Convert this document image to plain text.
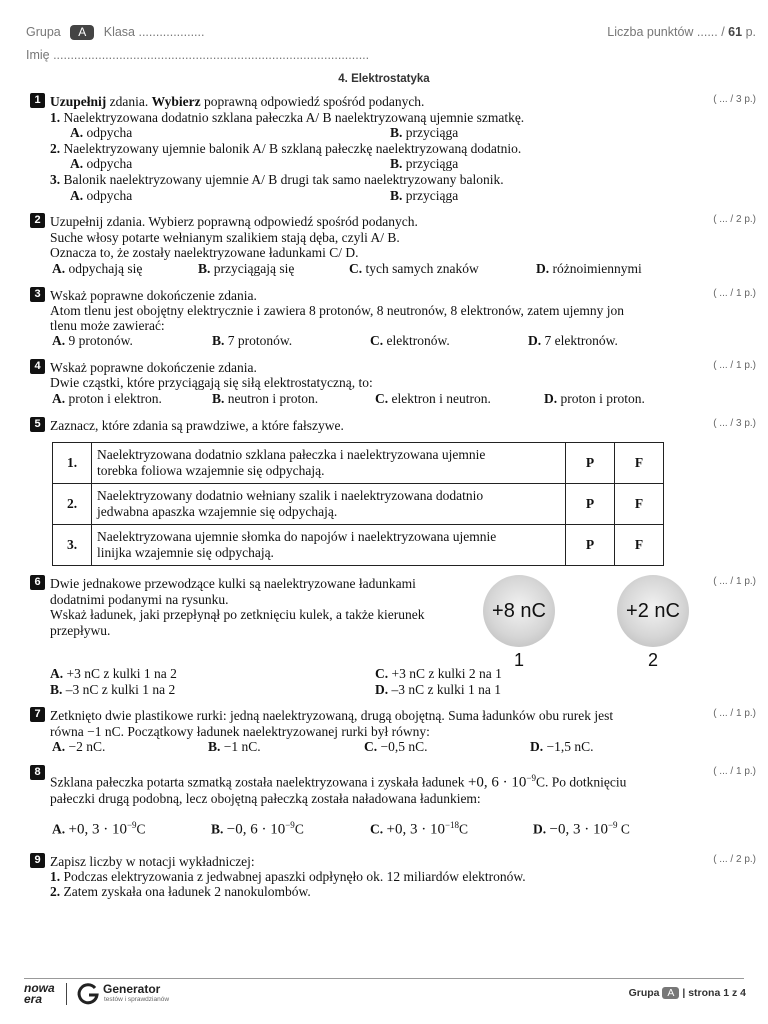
Grupa A Klasa ...................
Imię ...........................................................................................
Liczba punktów ...... / 61 p.
4. Elektrostatyka
1	( ... / 3 p.)
Uzupełnij zdania. Wybierz poprawną odpowiedź spośród podanych.
1. Naelektryzowana dodatnio szklana pałeczka A/ B naelektryzowaną ujemnie szmatkę.
A. odpycha	B. przyciąga
2. Naelektryzowany ujemnie balonik A/ B szklaną pałeczkę naelektryzowaną dodatnio.
A. odpycha	B. przyciąga
3. Balonik naelektryzowany ujemnie A/ B drugi tak samo naelektryzowany balonik.
A. odpycha	B. przyciąga
2	( ... / 2 p.)
Uzupełnij zdania. Wybierz poprawną odpowiedź spośród podanych.
Suche włosy potarte wełnianym szalikiem stają dęba, czyli A/ B.
Oznacza to, że zostały naelektryzowane ładunkami C/ D.
A. odpychają się	B. przyciągają się	C. tych samych znaków	D. różnoimiennymi
3	( ... / 1 p.)
Wskaż poprawne dokończenie zdania.
Atom tlenu jest obojętny elektrycznie i zawiera 8 protonów, 8 neutronów, 8 elektronów, zatem ujemny jon
tlenu może zawierać:
A. 9 protonów.	B. 7 protonów.	C. elektronów.	D. 7 elektronów.
4	( ... / 1 p.)
Wskaż poprawne dokończenie zdania.
Dwie cząstki, które przyciągają się siłą elektrostatyczną, to:
A. proton i elektron.	B. neutron i proton.	C. elektron i neutron.	D. proton i proton.
5	( ... / 3 p.)
Zaznacz, które zdania są prawdziwe, a które fałszywe.
1.	Naelektryzowana dodatnio szklana pałeczka i naelektryzowana ujemnie
torebka foliowa wzajemnie się odpychają.	P	F
2.	Naelektryzowany dodatnio wełniany szalik i naelektryzowana dodatnio
jedwabna apaszka wzajemnie się odpychają.	P	F
3.	Naelektryzowana ujemnie słomka do napojów i naelektryzowana ujemnie
linijka wzajemnie się odpychają.	P	F
6	( ... / 1 p.)
Dwie jednakowe przewodzące kulki są naelektryzowane ładunkami
dodatnimi podanymi na rysunku.
Wskaż ładunek, jaki przepłynął po zetknięciu kulek, a także kierunek
przepływu.
+8 nC	+2 nC
1	2
A. +3 nC z kulki 1 na 2
B. –3 nC z kulki 1 na 2
C. +3 nC z kulki 2 na 1
D. –3 nC z kulki 1 na 1
7	( ... / 1 p.)
Zetknięto dwie plastikowe rurki: jedną naelektryzowaną, drugą obojętną. Suma ładunków obu rurek jest
równa −1 nC. Początkowy ładunek naelektryzowanej rurki był równy:
A. −2 nC.	B. −1 nC.	C. −0,5 nC.	D. −1,5 nC.
8	( ... / 1 p.)
Szklana pałeczka potarta szmatką została naelektryzowana i zyskała ładunek +0, $6 \cdot 10^{-9}C$. Po dotknięciu
pałeczki drugą podobną, lecz obojętną pałeczką została naładowana ładunkiem:
A. +0, $3 \cdot 10^{-9}C$	B. −0, $6 \cdot 10^{-9}C$	C. +0, $3 \cdot 10^{-18}C$	D. −0, $3 \cdot 10^{-9}$ C
9	( ... / 2 p.)
Zapisz liczby w notacji wykładniczej:
1. Podczas elektryzowania z jedwabnej apaszki odpłynęło ok. 12 miliardów elektronów.
2. Zatem zyskała ona ładunek 2 nanokulombów.
nowa
era
Generator
testów i sprawdzianów
Grupa A | strona 1 z 4
